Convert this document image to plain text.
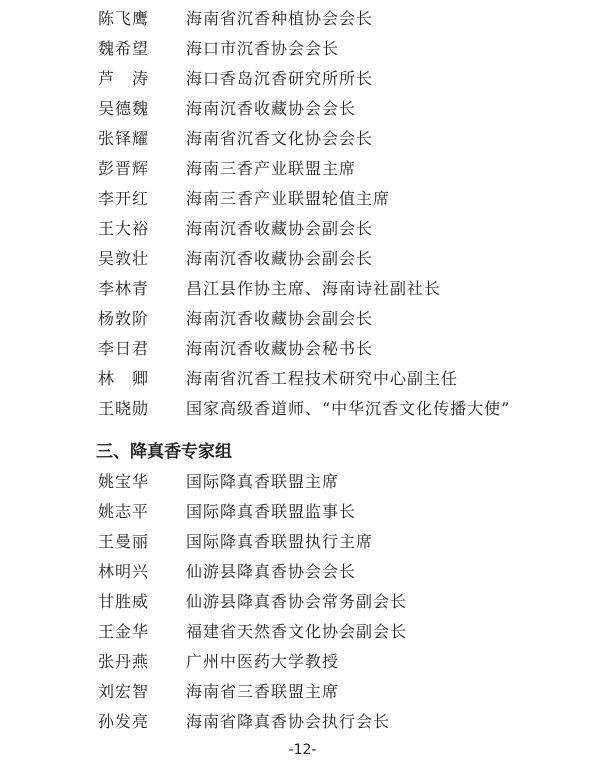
陈飞鹰 海南省沉香种植协会会长
魏希望 海口市沉香协会会长
芦　涛 海口香岛沉香研究所所长
吴德魏 海南沉香收藏协会会长
张铎耀 海南省沉香文化协会会长
彭晋辉 海南三香产业联盟主席
李开红 海南三香产业联盟轮值主席
王大裕 海南沉香收藏协会副会长
吴敦壮 海南沉香收藏协会副会长
李林青 昌江县作协主席、海南诗社副社长
杨敦阶 海南沉香收藏协会副会长
李日君 海南沉香收藏协会秘书长
林　卿 海南省沉香工程技术研究中心副主任
王晓勋 国家高级香道师、“中华沉香文化传播大使”
三、降真香专家组
姚宝华 国际降真香联盟主席
姚志平 国际降真香联盟监事长
王曼丽 国际降真香联盟执行主席
林明兴 仙游县降真香协会会长
甘胜威 仙游县降真香协会常务副会长
王金华 福建省天然香文化协会副会长
张丹燕 广州中医药大学教授
刘宏智 海南省三香联盟主席
孙发亮 海南省降真香协会执行会长
-12-
